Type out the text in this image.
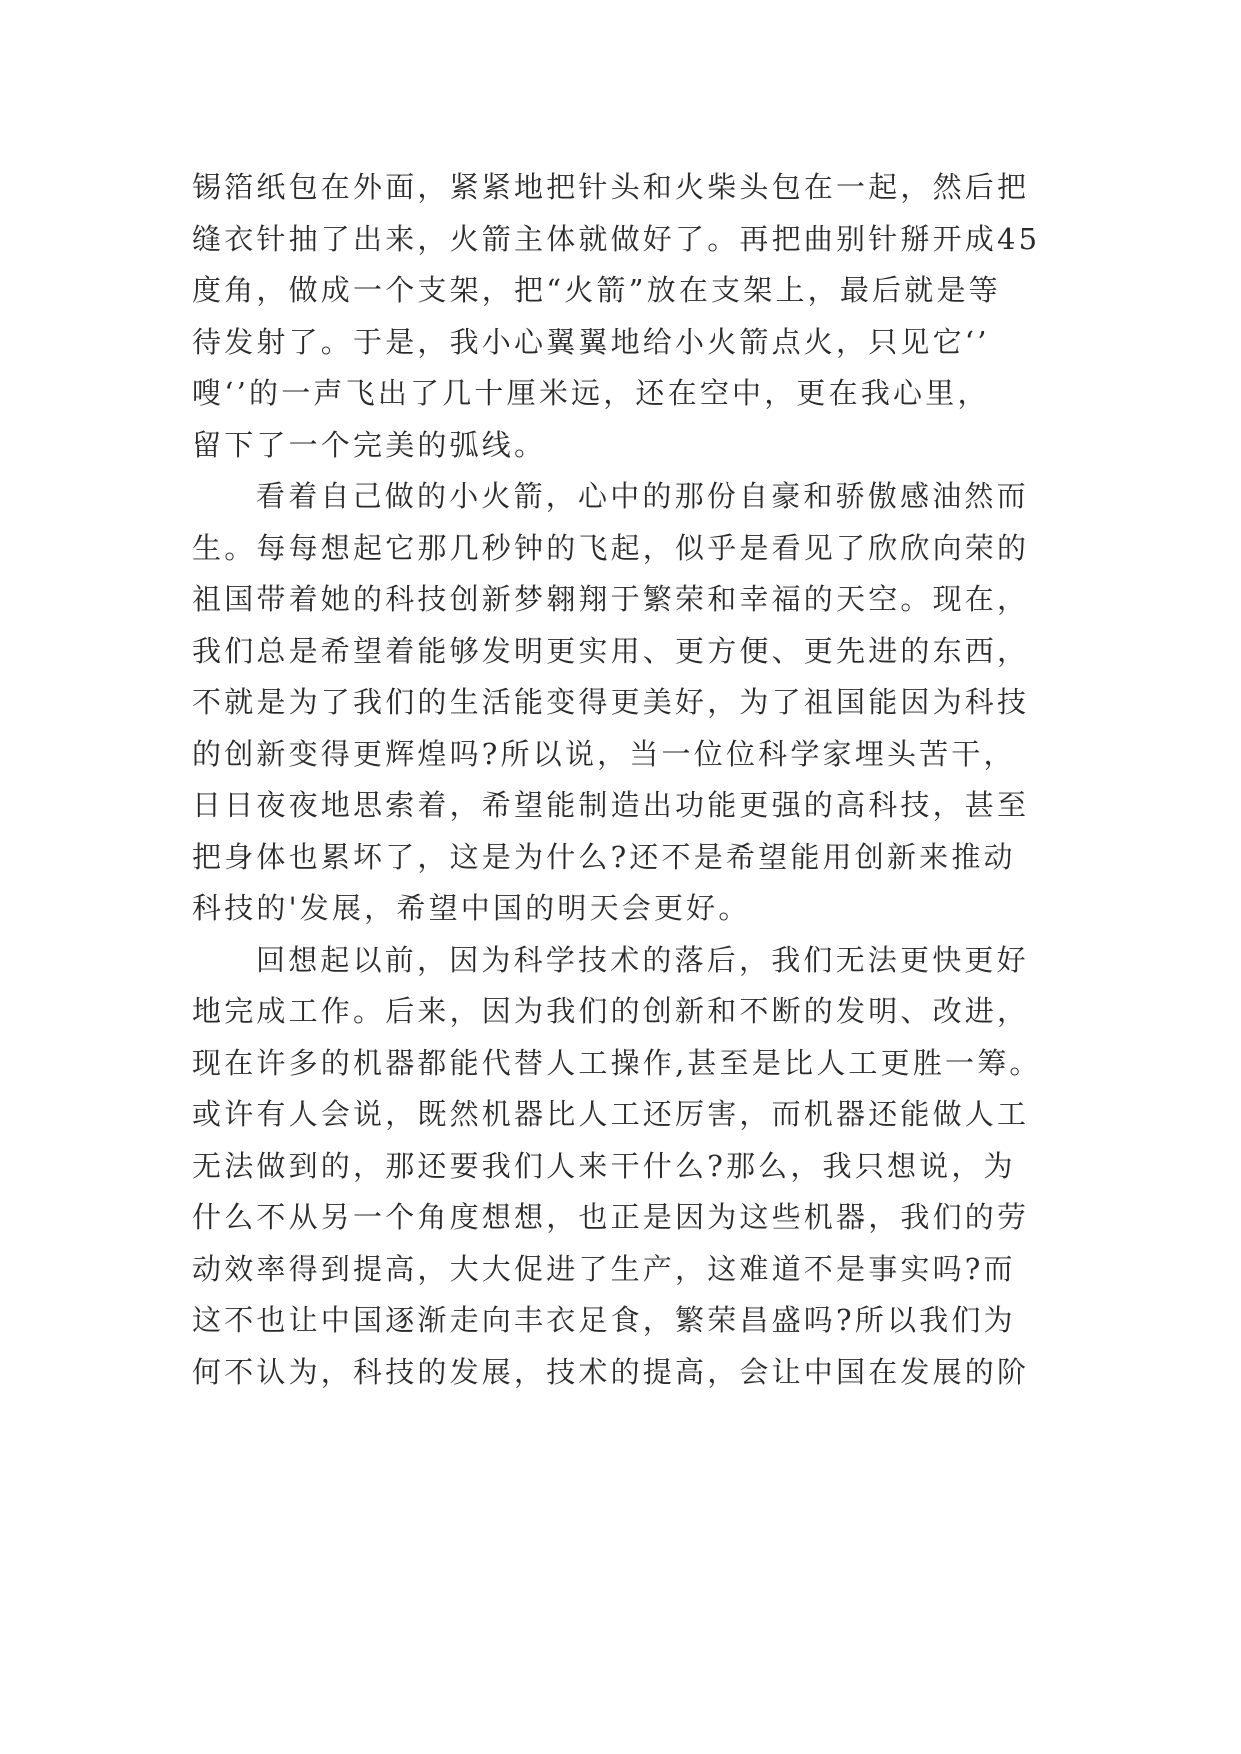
锡箔纸包在外面，紧紧地把针头和火柴头包在一起，然后把
缝衣针抽了出来，火箭主体就做好了。再把曲别针掰开成45
度角，做成一个支架，把“火箭”放在支架上，最后就是等
待发射了。于是，我小心翼翼地给小火箭点火，只见它‘’
嗖‘’的一声飞出了几十厘米远，还在空中，更在我心里，
留下了一个完美的弧线。
看着自己做的小火箭，心中的那份自豪和骄傲感油然而
生。每每想起它那几秒钟的飞起，似乎是看见了欣欣向荣的
祖国带着她的科技创新梦翱翔于繁荣和幸福的天空。现在，
我们总是希望着能够发明更实用、更方便、更先进的东西，
不就是为了我们的生活能变得更美好，为了祖国能因为科技
的创新变得更辉煌吗?所以说，当一位位科学家埋头苦干，
日日夜夜地思索着，希望能制造出功能更强的高科技，甚至
把身体也累坏了，这是为什么?还不是希望能用创新来推动
科技的'发展，希望中国的明天会更好。
回想起以前，因为科学技术的落后，我们无法更快更好
地完成工作。后来，因为我们的创新和不断的发明、改进，
现在许多的机器都能代替人工操作,甚至是比人工更胜一筹。
或许有人会说，既然机器比人工还厉害，而机器还能做人工
无法做到的，那还要我们人来干什么?那么，我只想说，为
什么不从另一个角度想想，也正是因为这些机器，我们的劳
动效率得到提高，大大促进了生产，这难道不是事实吗?而
这不也让中国逐渐走向丰衣足食，繁荣昌盛吗?所以我们为
何不认为，科技的发展，技术的提高，会让中国在发展的阶
